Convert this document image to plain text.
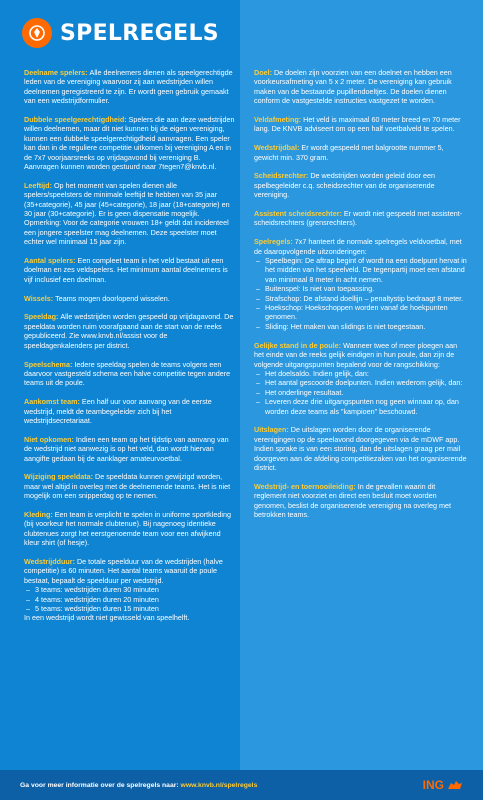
SPELREGELS
Deelname spelers: Alle deelnemers dienen als speelgerechtigde leden van de vereniging waarvoor zij aan wedstrijden willen deelnemen geregistreerd te zijn. Er wordt geen gebruik gemaakt van een wedstrijdformulier.

Dubbele speelgerechtigdheid: Spelers die aan deze wedstrijden willen deelnemen, maar dit niet kunnen bij de eigen vereniging, kunnen een dubbele speelgerechtigdheid aanvragen. Een speler kan dan in de reguliere competitie uitkomen bij vereniging A en in de 7x7 voorjaarsreeks op vrijdagavond bij vereniging B. Aanvragen kunnen worden gestuurd naar 7tegen7@knvb.nl.

Leeftijd: Op het moment van spelen dienen alle spelers/speelsters de minimale leeftijd te hebben van 35 jaar (35+categorie), 45 jaar (45+categorie), 18 jaar (18+categorie) en 30 jaar (30+categorie). Er is geen dispensatie mogelijk. Opmerking: Voor de categorie vrouwen 18+ geldt dat incidenteel een jongere speelster mag deelnemen. Deze speelster moet echter wel minimaal 15 jaar zijn.

Aantal spelers: Een compleet team in het veld bestaat uit een doelman en zes veldspelers. Het minimum aantal deelnemers is vijf inclusief een doelman.

Wissels: Teams mogen doorlopend wisselen.

Speeldag: Alle wedstrijden worden gespeeld op vrijdagavond. De speeldata worden ruim voorafgaand aan de start van de reeks gepubliceerd. Zie www.knvb.nl/assist voor de speeldagenkalenders per district.

Speelschema: Iedere speeldag spelen de teams volgens een daarvoor vastgesteld schema een halve competitie tegen andere teams uit de poule.

Aankomst team: Een half uur voor aanvang van de eerste wedstrijd, meldt de teambegeleider zich bij het wedstrijdsecretariaat.

Niet opkomen: Indien een team op het tijdstip van aanvang van de wedstrijd niet aanwezig is op het veld, dan wordt hiervan aangifte gedaan bij de aanklager amateurvoetbal.

Wijziging speeldata: De speeldata kunnen gewijzigd worden, maar wel altijd in overleg met de deelnemende teams. Het is niet mogelijk om een snipperdag op te nemen.

Kleding: Een team is verplicht te spelen in uniforme sportkleding (bij voorkeur het normale clubtenue). Bij nagenoeg identieke clubtenues zorgt het eerstgenoemde team voor een afwijkend kleur shirt (of hesje).

Wedstrijdduur: De totale speelduur van de wedstrijden (halve competitie) is 60 minuten. Het aantal teams waaruit de poule bestaat, bepaalt de speelduur per wedstrijd.

– 3 teams: wedstrijden duren 30 minuten
– 4 teams: wedstrijden duren 20 minuten
– 5 teams: wedstrijden duren 15 minuten
In een wedstrijd wordt niet gewisseld van speelhelft.
Doel: De doelen zijn voorzien van een doelnet en hebben een voorkeursafmeting van 5 x 2 meter. De vereniging kan gebruik maken van de bestaande pupillendoeltjes. De doelen dienen conform de vastgestelde instructies vastgezet te worden.

Veldafmeting: Het veld is maximaal 60 meter breed en 70 meter lang. De KNVB adviseert om op een half voetbalveld te spelen.

Wedstrijdbal: Er wordt gespeeld met balgrootte nummer 5, gewicht min. 370 gram.

Scheidsrechter: De wedstrijden worden geleid door een spelbegeleider c.q. scheidsrechter van de organiserende vereniging.

Assistent scheidsrechter: Er wordt niet gespeeld met assistent-scheidsrechters (grensrechters).

Spelregels: 7x7 hanteert de normale spelregels veldvoetbal, met de daaropvolgende uitzonderingen:

– Speelbegin: De aftrap begint of wordt na een doelpunt hervat in het midden van het speelveld. De tegenpartij moet een afstand van minimaal 8 meter in acht nemen.
– Buitenspel: Is niet van toepassing.
– Strafschop: De afstand doellijn – penaltystip bedraagt 8 meter.
– Hoekschop: Hoekschoppen worden vanaf de hoekpunten genomen.
– Sliding: Het maken van slidings is niet toegestaan.
Gelijke stand in de poule: Wanneer twee of meer ploegen aan het einde van de reeks gelijk eindigen in hun poule, dan zijn de volgende uitgangspunten bepalend voor de rangschikking:

– Het doelsaldo. Indien gelijk, dan:
– Het aantal gescoorde doelpunten. Indien wederom gelijk, dan:
– Het onderlinge resultaat.
– Leveren deze drie uitgangspunten nog geen winnaar op, dan worden deze teams als "kampioen" beschouwd.
Uitslagen: De uitslagen worden door de organiserende verenigingen op de speelavond doorgegeven via de mDWF app. Indien sprake is van een storing, dan de uitslagen graag per mail doorgeven aan de afdeling competitiezaken van het organiserende district.

Wedstrijd- en toernooileiding: In de gevallen waarin dit reglement niet voorziet en direct een besluit moet worden genomen, beslist de organiserende vereniging na overleg met betrokken teams.

Ga voor meer informatie over de spelregels naar: www.knvb.nl/spelregels	ING
